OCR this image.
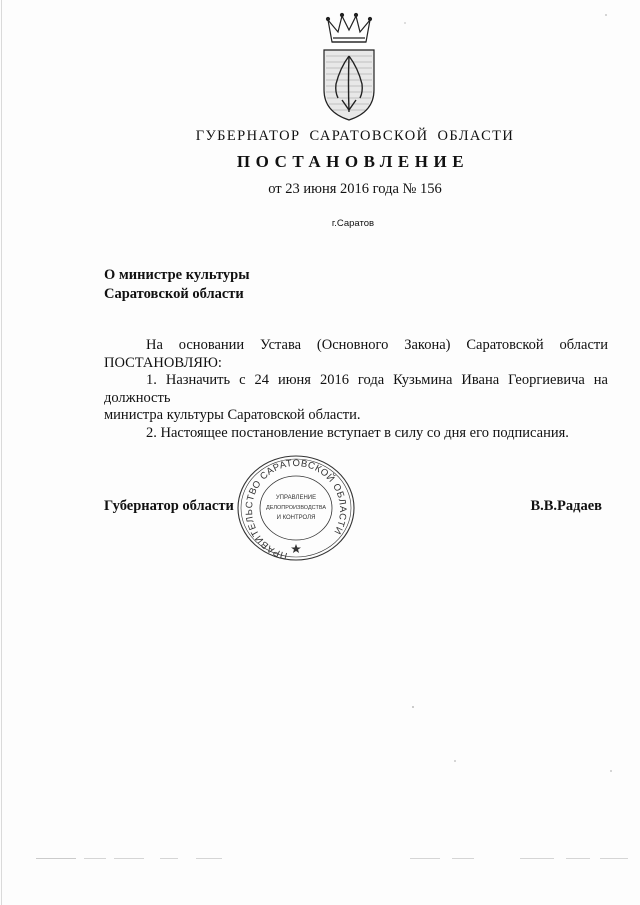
ГУБЕРНАТОР САРАТОВСКОЙ ОБЛАСТИ
ПОСТАНОВЛЕНИЕ
от 23 июня 2016 года № 156
г.Саратов
О министре культуры
Саратовской области
На основании Устава (Основного Закона) Саратовской области
ПОСТАНОВЛЯЮ:
1. Назначить с 24 июня 2016 года Кузьмина Ивана Георгиевича на должность
министра культуры Саратовской области.
2. Настоящее постановление вступает в силу со дня его подписания.
Губернатор области	В.В.Радаев
ПРАВИТЕЛЬСТВО САРАТОВСКОЙ ОБЛАСТИ
УПРАВЛЕНИЕ
ДЕЛОПРОИЗВОДСТВА
И КОНТРОЛЯ
